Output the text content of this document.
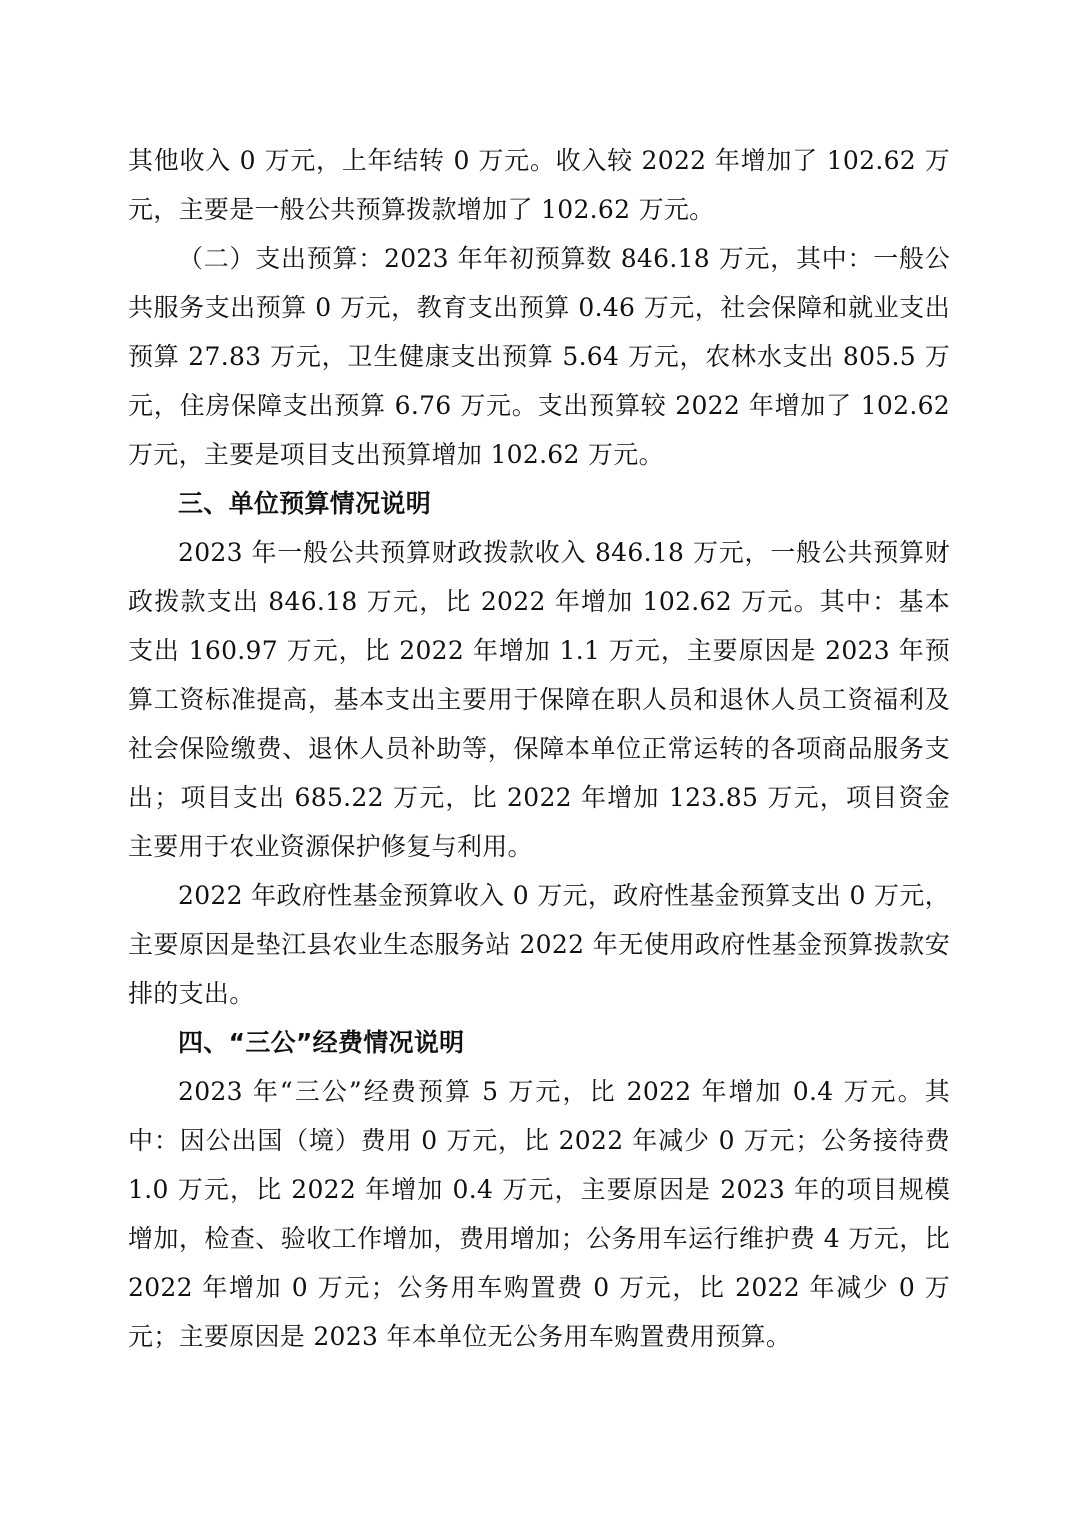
其他收入 0 万元，上年结转 0 万元。收入较 2022 年增加了 102.62 万元，主要是一般公共预算拨款增加了 102.62 万元。

（二）支出预算：2023 年年初预算数 846.18 万元，其中：一般公共服务支出预算 0 万元，教育支出预算 0.46 万元，社会保障和就业支出预算 27.83 万元，卫生健康支出预算 5.64 万元，农林水支出 805.5 万元，住房保障支出预算 6.76 万元。支出预算较 2022 年增加了 102.62 万元，主要是项目支出预算增加 102.62 万元。

三、单位预算情况说明

2023 年一般公共预算财政拨款收入 846.18 万元，一般公共预算财政拨款支出 846.18 万元，比 2022 年增加 102.62 万元。其中：基本支出 160.97 万元，比 2022 年增加 1.1 万元，主要原因是 2023 年预算工资标准提高，基本支出主要用于保障在职人员和退休人员工资福利及社会保险缴费、退休人员补助等，保障本单位正常运转的各项商品服务支出；项目支出 685.22 万元，比 2022 年增加 123.85 万元，项目资金主要用于农业资源保护修复与利用。

2022 年政府性基金预算收入 0 万元，政府性基金预算支出 0 万元，主要原因是垫江县农业生态服务站 2022 年无使用政府性基金预算拨款安排的支出。

四、“三公”经费情况说明

2023 年“三公”经费预算 5 万元，比 2022 年增加 0.4 万元。其中：因公出国（境）费用 0 万元，比 2022 年减少 0 万元；公务接待费 1.0 万元，比 2022 年增加 0.4 万元，主要原因是 2023 年的项目规模增加，检查、验收工作增加，费用增加；公务用车运行维护费 4 万元，比 2022 年增加 0 万元；公务用车购置费 0 万元，比 2022 年减少 0 万元；主要原因是 2023 年本单位无公务用车购置费用预算。
